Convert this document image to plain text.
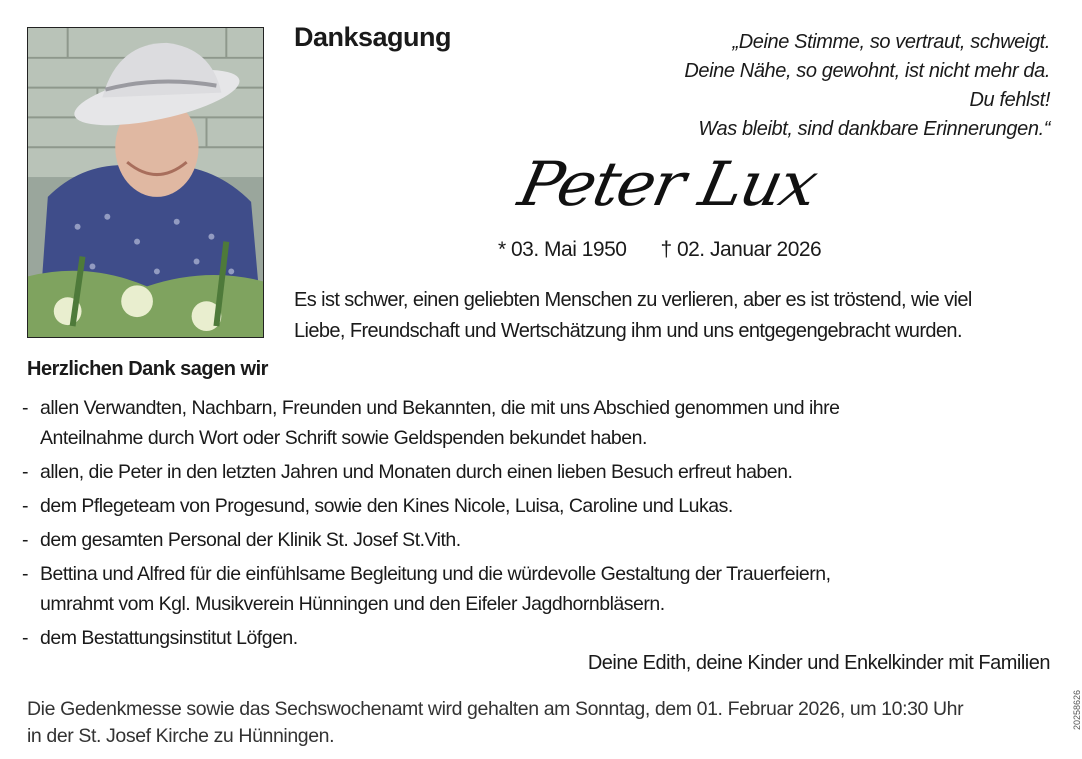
Danksagung	„Deine Stimme, so vertraut, schweigt.
Deine Nähe, so gewohnt, ist nicht mehr da.
Du fehlst!
Was bleibt, sind dankbare Erinnerungen.“
Peter Lux
* 03. Mai 1950 † 02. Januar 2026
Es ist schwer, einen geliebten Menschen zu verlieren, aber es ist tröstend, wie viel
Liebe, Freundschaft und Wertschätzung ihm und uns entgegengebracht wurden.
Herzlichen Dank sagen wir
- allen Verwandten, Nachbarn, Freunden und Bekannten, die mit uns Abschied genommen und ihre
Anteilnahme durch Wort oder Schrift sowie Geldspenden bekundet haben.
- allen, die Peter in den letzten Jahren und Monaten durch einen lieben Besuch erfreut haben.
- dem Pflegeteam von Progesund, sowie den Kines Nicole, Luisa, Caroline und Lukas.
- dem gesamten Personal der Klinik St. Josef St.Vith.
- Bettina und Alfred für die einfühlsame Begleitung und die würdevolle Gestaltung der Trauerfeiern,
umrahmt vom Kgl. Musikverein Hünningen und den Eifeler Jagdhornbläsern.
- dem Bestattungsinstitut Löfgen.
Deine Edith, deine Kinder und Enkelkinder mit Familien
Die Gedenkmesse sowie das Sechswochenamt wird gehalten am Sonntag, dem 01. Februar 2026, um 10:30 Uhr
in der St. Josef Kirche zu Hünningen.
20258626
